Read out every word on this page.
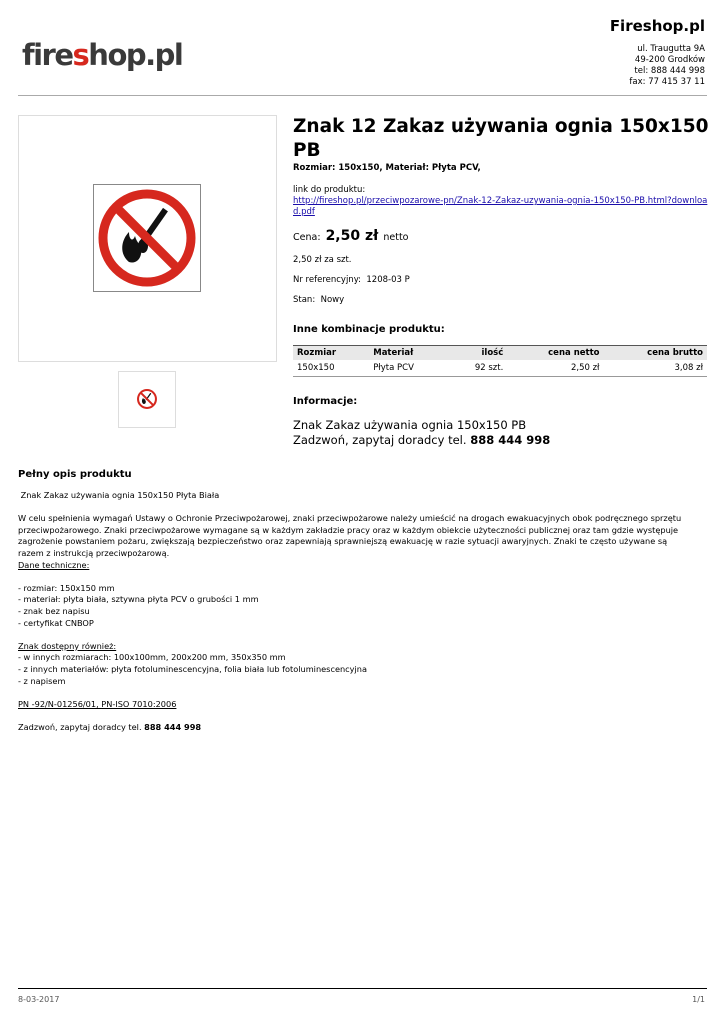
fireshop.pl
Fireshop.pl
ul. Traugutta 9A
49-200 Grodków
tel: 888 444 998
fax: 77 415 37 11
Znak 12 Zakaz używania ognia 150x150 PB
Rozmiar: 150x150, Materiał: Płyta PCV,
link do produktu:
http://fireshop.pl/przeciwpozarowe-pn/Znak-12-Zakaz-uzywania-ognia-150x150-PB.html?download.pdf
Cena: 2,50 zł netto
2,50 zł za szt.
Nr referencyjny: 1208-03 P
Stan: Nowy
Inne kombinacje produktu:
Rozmiar	Materiał	ilość	cena netto	cena brutto
150x150	Płyta PCV	92 szt.	2,50 zł	3,08 zł
Informacje:
Znak Zakaz używania ognia 150x150 PB
Zadzwoń, zapytaj doradcy tel. 888 444 998
Pełny opis produktu

Znak Zakaz używania ognia 150x150 Płyta Biała

W celu spełnienia wymagań Ustawy o Ochronie Przeciwpożarowej, znaki przeciwpożarowe należy umieścić na drogach ewakuacyjnych obok podręcznego sprzętu przeciwpożarowego. Znaki przeciwpożarowe wymagane są w każdym zakładzie pracy oraz w każdym obiekcie użyteczności publicznej oraz tam gdzie występuje zagrożenie powstaniem pożaru, zwiększają bezpieczeństwo oraz zapewniają sprawniejszą ewakuację w razie sytuacji awaryjnych. Znaki te często używane są razem z instrukcją przeciwpożarową.

Dane techniczne:

- rozmiar: 150x150 mm

- materiał: płyta biała, sztywna płyta PCV o grubości 1 mm

- znak bez napisu

- certyfikat CNBOP

Znak dostępny również:

- w innych rozmiarach: 100x100mm, 200x200 mm, 350x350 mm

- z innych materiałów: płyta fotoluminescencyjna, folia biała lub fotoluminescencyjna

- z napisem

PN -92/N-01256/01, PN-ISO 7010:2006

Zadzwoń, zapytaj doradcy tel. 888 444 998

8-03-2017	1/1
